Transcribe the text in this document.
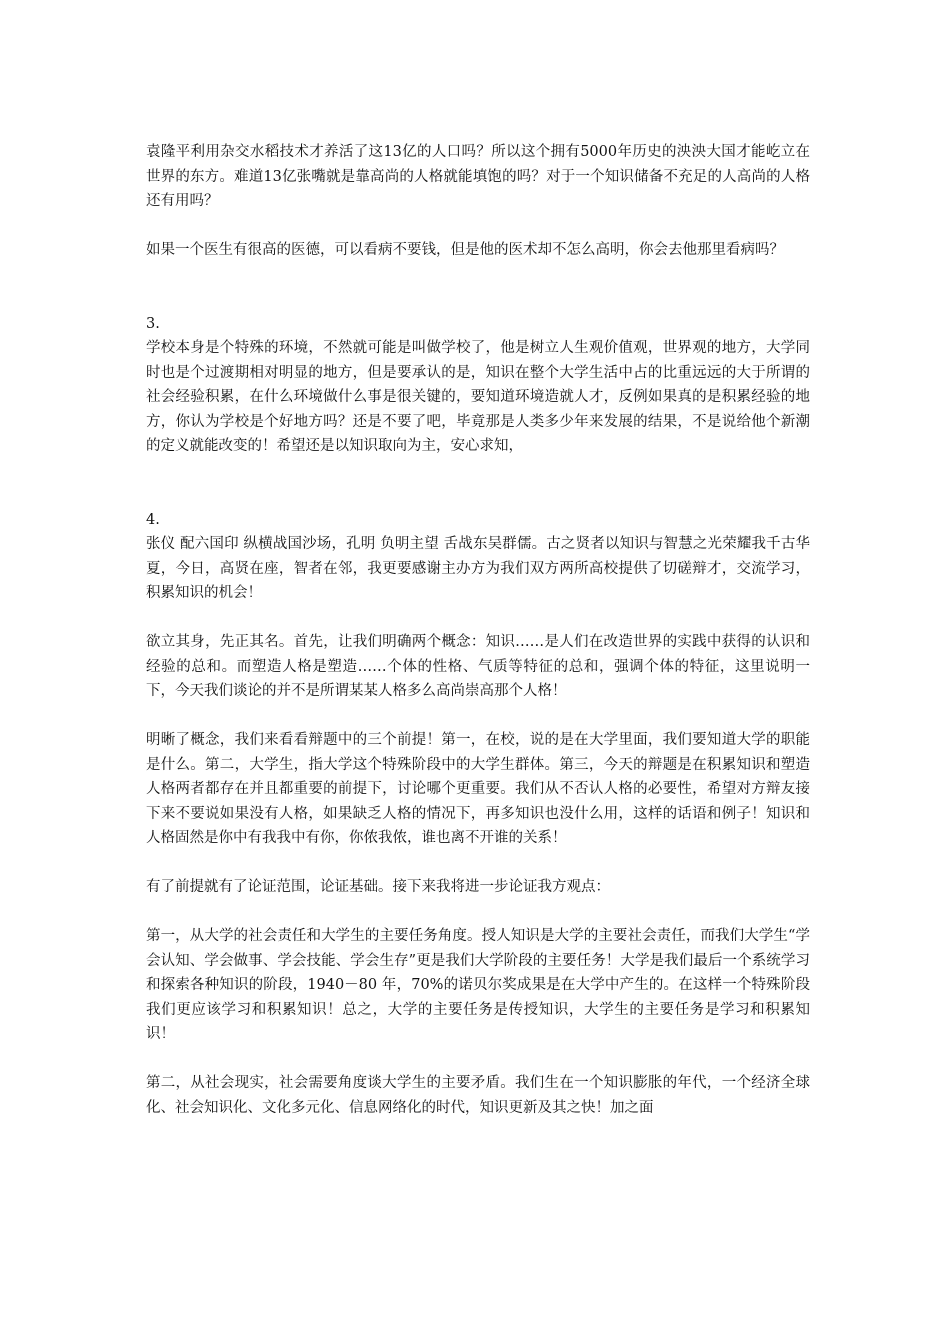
袁隆平利用杂交水稻技术才养活了这13亿的人口吗？所以这个拥有5000年历史的泱泱大国才能屹立在世界的东方。难道13亿张嘴就是靠高尚的人格就能填饱的吗？对于一个知识储备不充足的人高尚的人格还有用吗？

如果一个医生有很高的医德，可以看病不要钱，但是他的医术却不怎么高明，你会去他那里看病吗？

3.

学校本身是个特殊的环境，不然就可能是叫做学校了，他是树立人生观价值观，世界观的地方，大学同时也是个过渡期相对明显的地方，但是要承认的是，知识在整个大学生活中占的比重远远的大于所谓的社会经验积累，在什么环境做什么事是很关键的，要知道环境造就人才，反例如果真的是积累经验的地方，你认为学校是个好地方吗？还是不要了吧，毕竟那是人类多少年来发展的结果，不是说给他个新潮的定义就能改变的！希望还是以知识取向为主，安心求知，

4.

张仪 配六国印 纵横战国沙场，孔明 负明主望 舌战东吴群儒。古之贤者以知识与智慧之光荣耀我千古华夏，今日，高贤在座，智者在邻，我更要感谢主办方为我们双方两所高校提供了切磋辩才，交流学习，积累知识的机会！

欲立其身，先正其名。首先，让我们明确两个概念：知识……是人们在改造世界的实践中获得的认识和经验的总和。而塑造人格是塑造……个体的性格、气质等特征的总和，强调个体的特征，这里说明一下，今天我们谈论的并不是所谓某某人格多么高尚崇高那个人格！

明晰了概念，我们来看看辩题中的三个前提！第一，在校，说的是在大学里面，我们要知道大学的职能是什么。第二，大学生，指大学这个特殊阶段中的大学生群体。第三，今天的辩题是在积累知识和塑造人格两者都存在并且都重要的前提下，讨论哪个更重要。我们从不否认人格的必要性，希望对方辩友接下来不要说如果没有人格，如果缺乏人格的情况下，再多知识也没什么用，这样的话语和例子！知识和人格固然是你中有我我中有你，你侬我侬，谁也离不开谁的关系！

有了前提就有了论证范围，论证基础。接下来我将进一步论证我方观点：

第一，从大学的社会责任和大学生的主要任务角度。授人知识是大学的主要社会责任，而我们大学生“学会认知、学会做事、学会技能、学会生存”更是我们大学阶段的主要任务！大学是我们最后一个系统学习和探索各种知识的阶段，1940－80 年，70%的诺贝尔奖成果是在大学中产生的。在这样一个特殊阶段我们更应该学习和积累知识！总之，大学的主要任务是传授知识，大学生的主要任务是学习和积累知识！

第二，从社会现实，社会需要角度谈大学生的主要矛盾。我们生在一个知识膨胀的年代，一个经济全球化、社会知识化、文化多元化、信息网络化的时代，知识更新及其之快！加之面
